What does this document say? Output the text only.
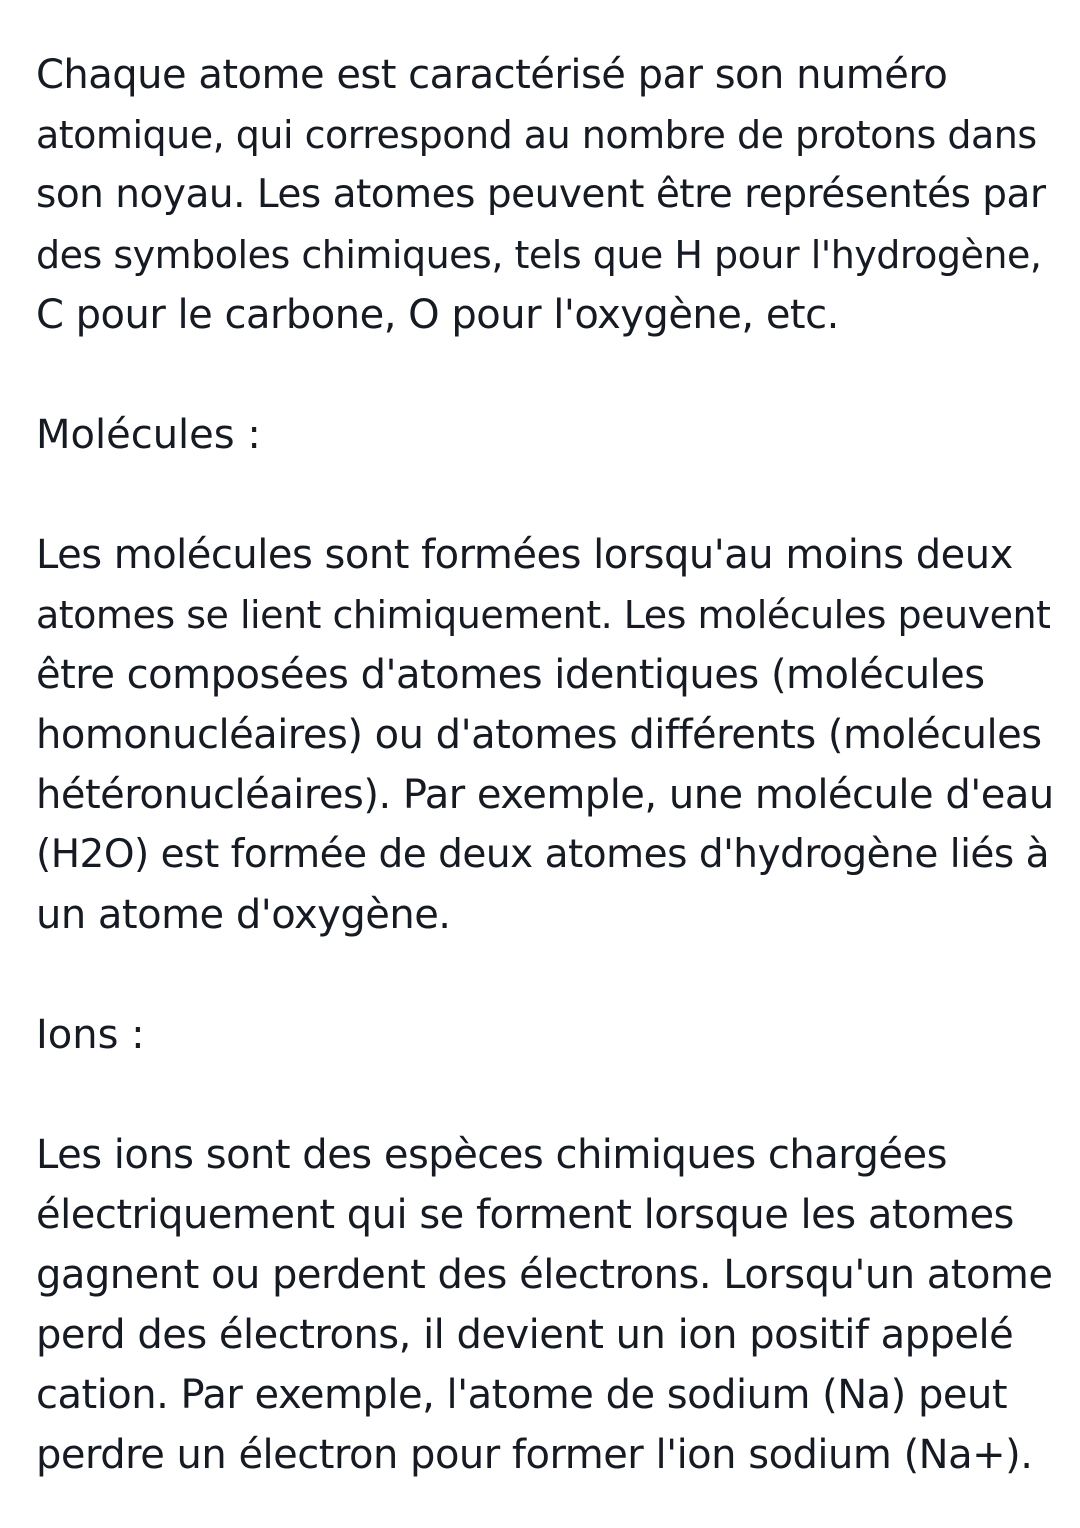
Chaque atome est caractérisé par son numéro

atomique, qui correspond au nombre de protons dans

son noyau. Les atomes peuvent être représentés par

des symboles chimiques, tels que H pour l'hydrogène,

C pour le carbone, O pour l'oxygène, etc.

Molécules :

Les molécules sont formées lorsqu'au moins deux

atomes se lient chimiquement. Les molécules peuvent

être composées d'atomes identiques (molécules

homonucléaires) ou d'atomes différents (molécules

hétéronucléaires). Par exemple, une molécule d'eau

(H2O) est formée de deux atomes d'hydrogène liés à

un atome d'oxygène.

Ions :

Les ions sont des espèces chimiques chargées

électriquement qui se forment lorsque les atomes

gagnent ou perdent des électrons. Lorsqu'un atome

perd des électrons, il devient un ion positif appelé

cation. Par exemple, l'atome de sodium (Na) peut

perdre un électron pour former l'ion sodium (Na+).
